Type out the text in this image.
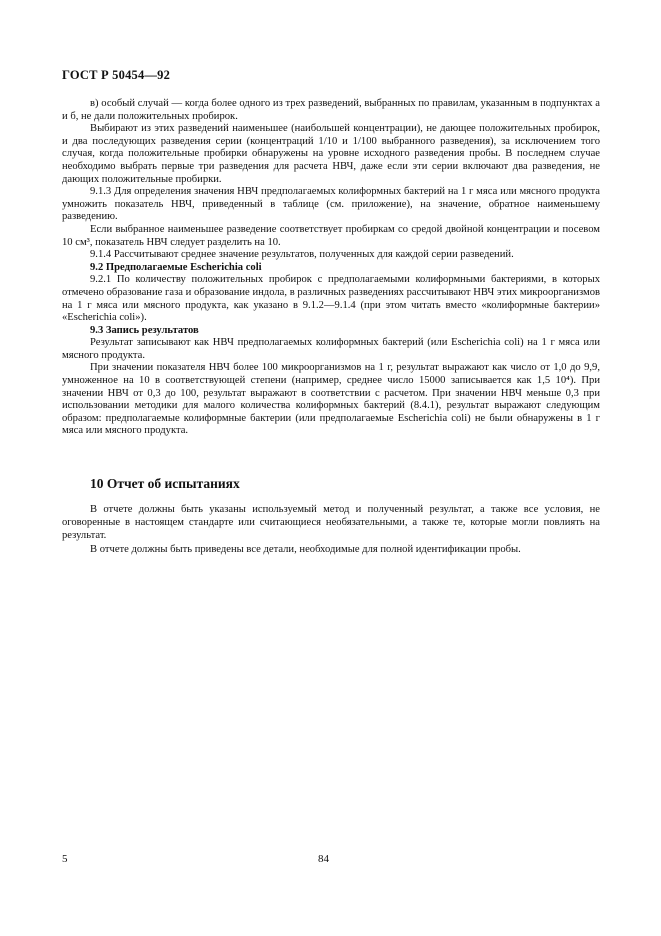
ГОСТ Р 50454—92

в) особый случай — когда более одного из трех разведений, выбранных по правилам, указанным в подпунктах а и б, не дали положительных пробирок.

Выбирают из этих разведений наименьшее (наибольшей концентрации), не дающее положительных пробирок, и два последующих разведения серии (концентраций 1/10 и 1/100 выбранного разведения), за исключением того случая, когда положительные пробирки обнаружены на уровне исходного разведения пробы. В последнем случае необходимо выбрать первые три разведения для расчета НВЧ, даже если эти серии включают два разведения, не дающих положительные пробирки.

9.1.3 Для определения значения НВЧ предполагаемых колиформных бактерий на 1 г мяса или мясного продукта умножить показатель НВЧ, приведенный в таблице (см. приложение), на значение, обратное наименьшему разведению.

Если выбранное наименьшее разведение соответствует пробиркам со средой двойной концентрации и посевом 10 см³, показатель НВЧ следует разделить на 10.

9.1.4 Рассчитывают среднее значение результатов, полученных для каждой серии разведений.

9.2 Предполагаемые Escherichia coli

9.2.1 По количеству положительных пробирок с предполагаемыми колиформными бактериями, в которых отмечено образование газа и образование индола, в различных разведениях рассчитывают НВЧ этих микроорганизмов на 1 г мяса или мясного продукта, как указано в 9.1.2—9.1.4 (при этом читать вместо «колиформные бактерии» «Escherichia coli»).

9.3 Запись результатов

Результат записывают как НВЧ предполагаемых колиформных бактерий (или Escherichia coli) на 1 г мяса или мясного продукта.

При значении показателя НВЧ более 100 микроорганизмов на 1 г, результат выражают как число от 1,0 до 9,9, умноженное на 10 в соответствующей степени (например, среднее число 15000 записывается как 1,5 10⁴). При значении НВЧ от 0,3 до 100, результат выражают в соответствии с расчетом. При значении НВЧ меньше 0,3 при использовании методики для малого количества колиформных бактерий (8.4.1), результат выражают следующим образом: предполагаемые колиформные бактерии (или предполагаемые Escherichia coli) не были обнаружены в 1 г мяса или мясного продукта.

10 Отчет об испытаниях

В отчете должны быть указаны используемый метод и полученный результат, а также все условия, не оговоренные в настоящем стандарте или считающиеся необязательными, а также те, которые могли повлиять на результат.

В отчете должны быть приведены все детали, необходимые для полной идентификации пробы.

5	84
